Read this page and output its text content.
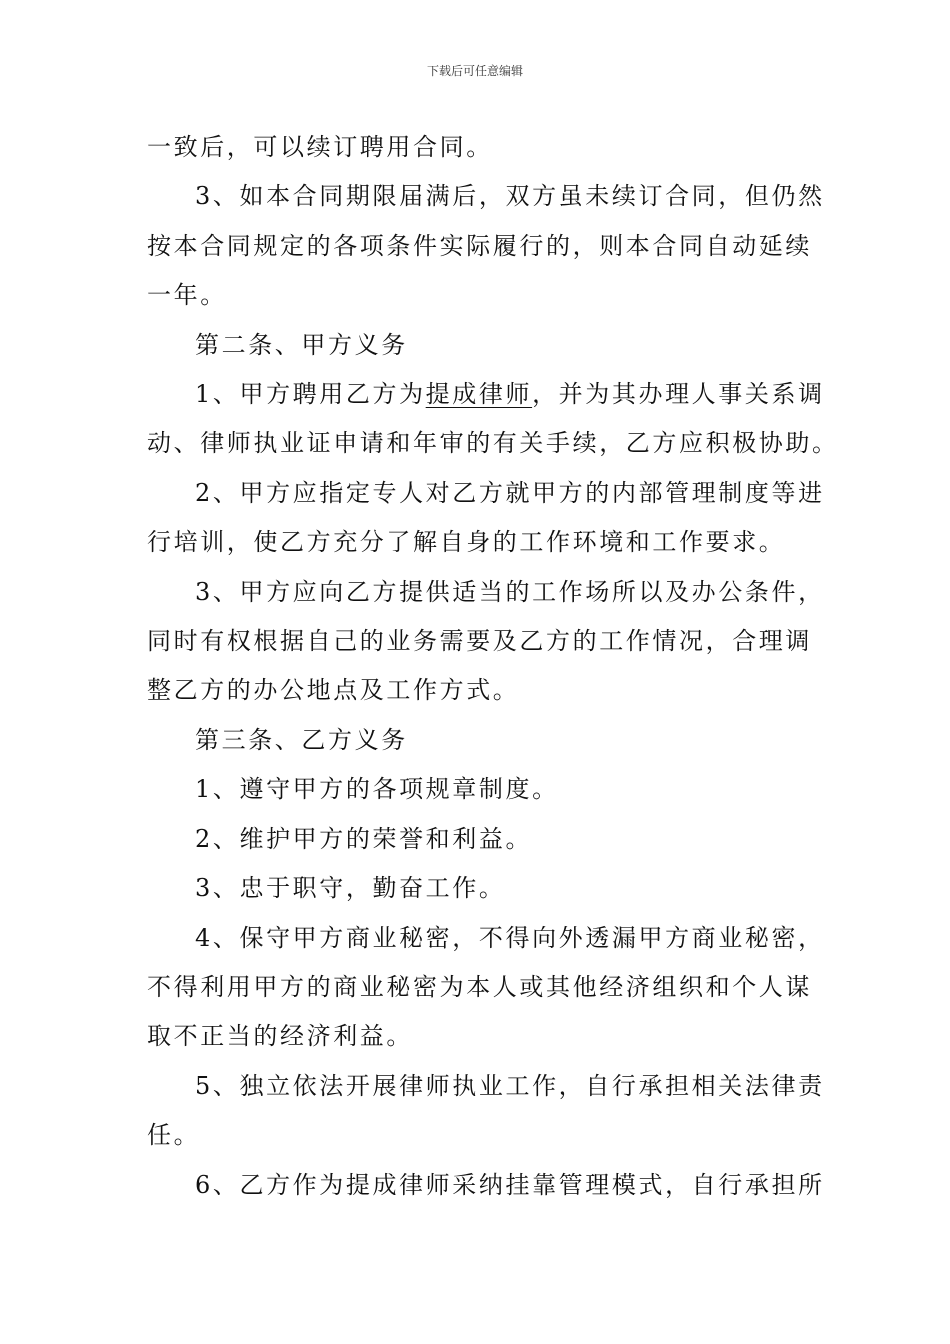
下载后可任意编辑

一致后，可以续订聘用合同。

3、如本合同期限届满后，双方虽未续订合同，但仍然

按本合同规定的各项条件实际履行的，则本合同自动延续

一年。

第二条、甲方义务

1、甲方聘用乙方为提成律师，并为其办理人事关系调

动、律师执业证申请和年审的有关手续，乙方应积极协助。

2、甲方应指定专人对乙方就甲方的内部管理制度等进

行培训，使乙方充分了解自身的工作环境和工作要求。

3、甲方应向乙方提供适当的工作场所以及办公条件，

同时有权根据自己的业务需要及乙方的工作情况，合理调

整乙方的办公地点及工作方式。

第三条、乙方义务

1、遵守甲方的各项规章制度。

2、维护甲方的荣誉和利益。

3、忠于职守，勤奋工作。

4、保守甲方商业秘密，不得向外透漏甲方商业秘密，

不得利用甲方的商业秘密为本人或其他经济组织和个人谋

取不正当的经济利益。

5、独立依法开展律师执业工作，自行承担相关法律责

任。

6、乙方作为提成律师采纳挂靠管理模式，自行承担所
